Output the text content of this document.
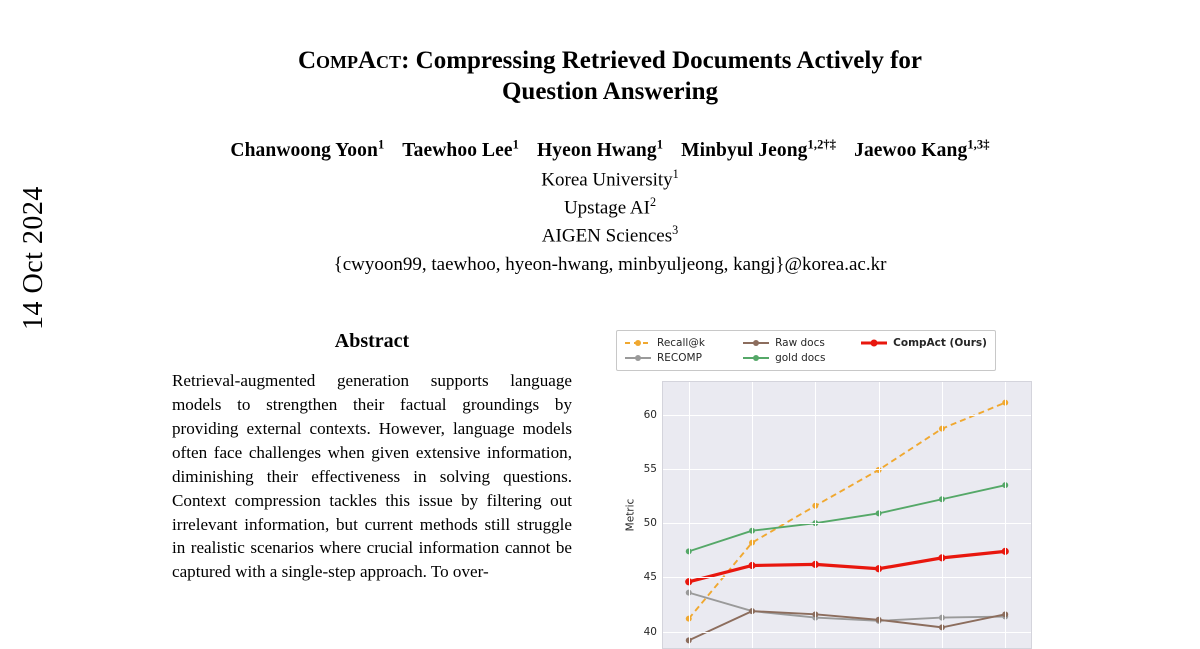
14 Oct 2024
CompAct: Compressing Retrieved Documents Actively for
Question Answering
Chanwoong Yoon$^1$ Taewhoo Lee$^1$ Hyeon Hwang$^1$ Minbyul Jeong$^{1,2\dagger\ddagger}$ Jaewoo Kang$^{1,3\ddagger}$
Korea University$^1$
Upstage $AI^2$
AIGEN Sciences$^3$
{cwyoon99, taewhoo, hyeon-hwang, minbyuljeong, kangj}@korea.ac.kr
Abstract
Retrieval-augmented generation supports language models to strengthen their factual groundings by providing external contexts. However, language models often face challenges when given extensive information, diminishing their effectiveness in solving questions. Context compression tackles this issue by filtering out irrelevant information, but current methods still struggle in realistic scenarios where crucial information cannot be captured with a single-step approach. To over-
Recall@k	Raw docs	CompAct (Ours)
RECOMP	gold docs
Metric
40
45
50
55
60
